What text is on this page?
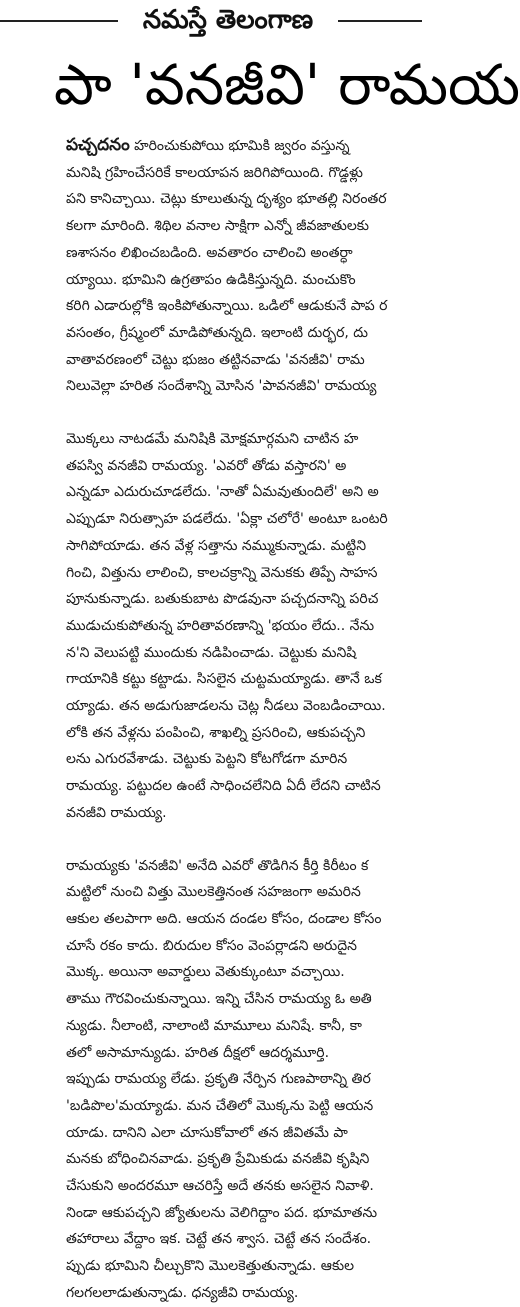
నమస్తే తెలంగాణ
పా 'వనజీవి' రామయ
పచ్చదనం హరించుకుపోయి భూమికి జ్వరం వస్తున్న
మనిషి గ్రహించేసరికే కాలయాపన జరిగిపోయింది. గొడ్డళ్లు
పని కానిచ్చాయి. చెట్లు కూలుతున్న దృశ్యం భూతల్లి నిరంతర
కలగా మారింది. శిథిల వనాల సాక్షిగా ఎన్నో జీవజాతులకు
ణశాసనం లిఖించబడింది. అవతారం చాలించి అంతర్ధా
య్యాయి. భూమిని ఉగ్రతాపం ఉడికిస్తున్నది. మంచుకొం
కరిగి ఎడారుల్లోకి ఇంకిపోతున్నాయి. ఒడిలో ఆడుకునే పాప ర
వసంతం, గ్రీష్మంలో మాడిపోతున్నది. ఇలాంటి దుర్భర, దు
వాతావరణంలో చెట్టు భుజం తట్టినవాడు 'వనజీవి' రామ
నిలువెల్లా హరిత సందేశాన్ని మోసిన 'పావనజీవి' రామయ్య
మొక్కలు నాటడమే మనిషికి మోక్షమార్గమని చాటిన హ
తపస్వి వనజీవి రామయ్య. 'ఎవరో తోడు వస్తారని' అ
ఎన్నడూ ఎదురుచూడలేదు. 'నాతో ఏమవుతుందిలే' అని అ
ఎప్పుడూ నిరుత్సాహ పడలేదు. 'ఏక్లా చలోరే' అంటూ ఒంటరి
సాగిపోయాడు. తన వేళ్ల సత్తాను నమ్ముకున్నాడు. మట్టిని
గించి, విత్తును లాలించి, కాలచక్రాన్ని వెనుకకు తిప్పే సాహస
పూనుకున్నాడు. బతుకుబాట పొడవునా పచ్చదనాన్ని పరిచ
ముడుచుకుపోతున్న హరితావరణాన్ని 'భయం లేదు.. నేను
న'ని వెలుపట్టి ముందుకు నడిపించాడు. చెట్టుకు మనిషి
గాయానికి కట్టు కట్టాడు. సిసలైన చుట్టమయ్యాడు. తానే ఒక
య్యాడు. తన అడుగుజాడలను చెట్ల నీడలు వెంబడించాయి.
లోకి తన వేళ్లను పంపించి, శాఖల్ని ప్రసరించి, ఆకుపచ్చని
లను ఎగురవేశాడు. చెట్టుకు పెట్టని కోటగోడగా మారిన
రామయ్య. పట్టుదల ఉంటే సాధించలేనిది ఏదీ లేదని చాటిన
వనజీవి రామయ్య.
రామయ్యకు 'వనజీవి' అనేది ఎవరో తొడిగిన కీర్తి కిరీటం క
మట్టిలో నుంచి విత్తు మొలకెత్తినంత సహజంగా అమరిన
ఆకుల తలపాగా అది. ఆయన దండల కోసం, దండాల కోసం
చూసే రకం కాదు. బిరుదుల కోసం వెంపర్లాడని అరుదైన
మొక్క. అయినా అవార్డులు వెతుక్కుంటూ వచ్చాయి.
తాము గౌరవించుకున్నాయి. ఇన్ని చేసిన రామయ్య ఓ అతి
న్యుడు. నీలాంటి, నాలాంటి మామూలు మనిషే. కానీ, కా
తలో అసామాన్యుడు. హరిత దీక్షలో ఆదర్శమూర్తి.
ఇప్పుడు రామయ్య లేడు. ప్రకృతి నేర్పిన గుణపాఠాన్ని తిర
'బడిపొల'మయ్యాడు. మన చేతిలో మొక్కను పెట్టి ఆయన
యాడు. దానిని ఎలా చూసుకోవాలో తన జీవితమే పా
మనకు బోధించినవాడు. ప్రకృతి ప్రేమికుడు వనజీవి కృషిని
చేసుకుని అందరమూ ఆచరిస్తే అదే తనకు అసలైన నివాళి.
నిండా ఆకుపచ్చని జ్యోతులను వెలిగిద్దాం పద. భూమాతను
తహారాలు వేద్దాం ఇక. చెట్టే తన శ్వాస. చెట్టే తన సందేశం.
ప్పుడు భూమిని చీల్చుకొని మొలకెత్తుతున్నాడు. ఆకుల
గలగలలాడుతున్నాడు. ధన్యజీవి రామయ్య.
